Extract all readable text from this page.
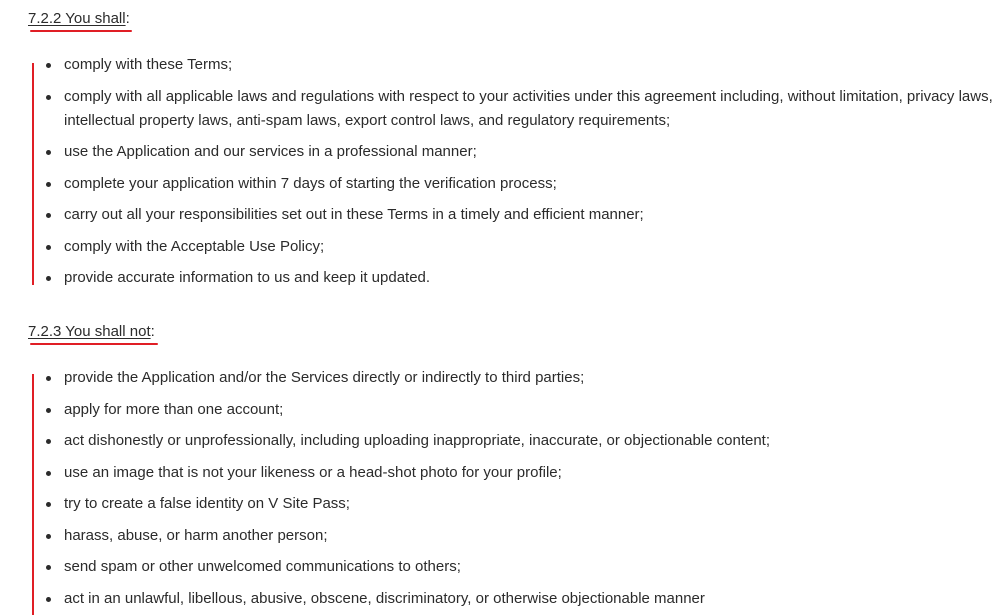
7.2.2 You shall:
comply with these Terms;
comply with all applicable laws and regulations with respect to your activities under this agreement including, without limitation, privacy laws, intellectual property laws, anti-spam laws, export control laws, and regulatory requirements;
use the Application and our services in a professional manner;
complete your application within 7 days of starting the verification process;
carry out all your responsibilities set out in these Terms in a timely and efficient manner;
comply with the Acceptable Use Policy;
provide accurate information to us and keep it updated.
7.2.3 You shall not:
provide the Application and/or the Services directly or indirectly to third parties;
apply for more than one account;
act dishonestly or unprofessionally, including uploading inappropriate, inaccurate, or objectionable content;
use an image that is not your likeness or a head-shot photo for your profile;
try to create a false identity on V Site Pass;
harass, abuse, or harm another person;
send spam or other unwelcomed communications to others;
act in an unlawful, libellous, abusive, obscene, discriminatory, or otherwise objectionable manner
